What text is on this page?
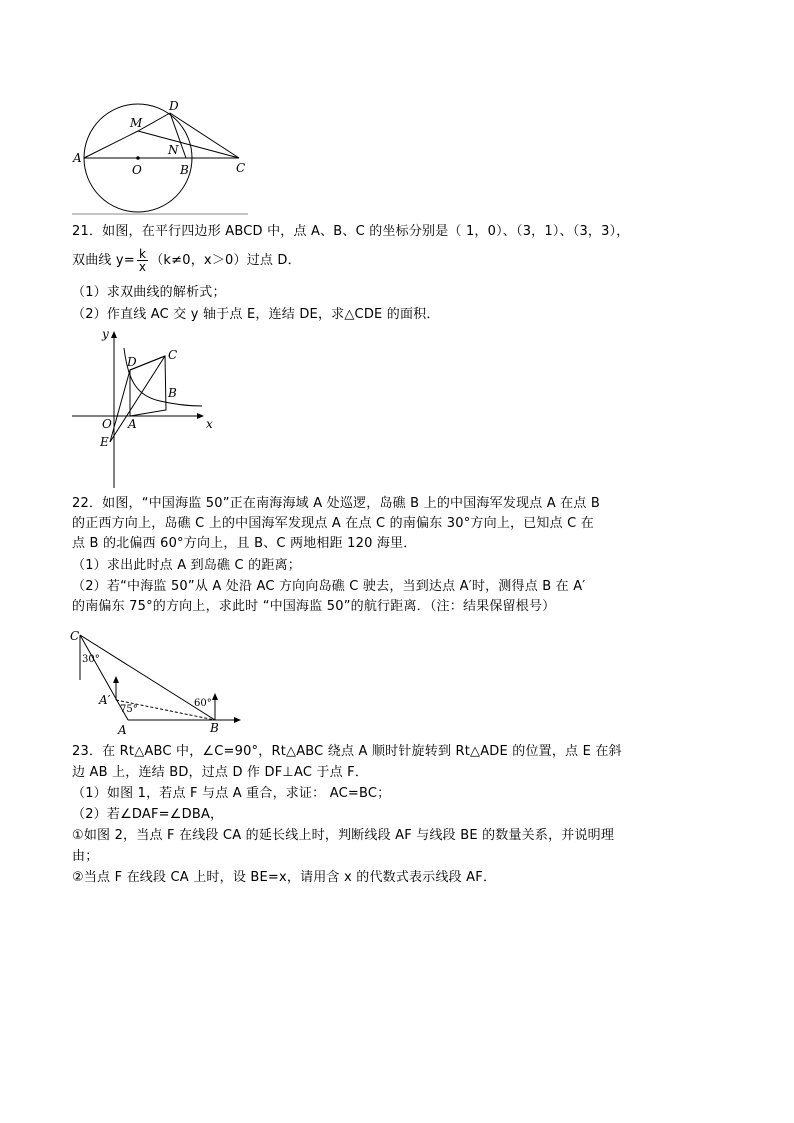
D
M
N
A
O	B	C
21．如图，在平行四边形 ABCD 中，点 A、B、C 的坐标分别是（ 1，0）、（3，1）、（3，3），
双曲线 $y= \frac{k}{x} (k\ne 0$，x＞0）过点 D．
（1）求双曲线的解析式；
（2）作直线 AC 交 y 轴于点 E，连结 DE，求△CDE 的面积．
y
x
C
D
B
A
O
E
22．如图，“中国海监 50”正在南海海域 A 处巡逻，岛礁 B 上的中国海军发现点 A 在点 B
的正西方向上，岛礁 C 上的中国海军发现点 A 在点 C 的南偏东 30°方向上，已知点 C 在
点 B 的北偏西 60°方向上，且 B、C 两地相距 120 海里．
（1）求出此时点 A 到岛礁 C 的距离；
（2）若“中海监 50”从 A 处沿 AC 方向向岛礁 C 驶去，当到达点 A′时，测得点 B 在 A′
的南偏东 75°的方向上，求此时 “中国海监 50”的航行距离．（注：结果保留根号）
C
A′
A	B
30°
60°
75°
23．在 Rt△ABC 中，∠C=90°，Rt△ABC 绕点 A 顺时针旋转到 Rt△ADE 的位置，点 E 在斜
边 AB 上，连结 BD，过点 D 作 DF⊥AC 于点 F．
（1）如图 1，若点 F 与点 A 重合，求证： AC=BC；
（2）若∠DAF=∠DBA，
①如图 2，当点 F 在线段 CA 的延长线上时，判断线段 AF 与线段 BE 的数量关系，并说明理
由；
②当点 F 在线段 CA 上时，设 BE=x，请用含 x 的代数式表示线段 AF．
